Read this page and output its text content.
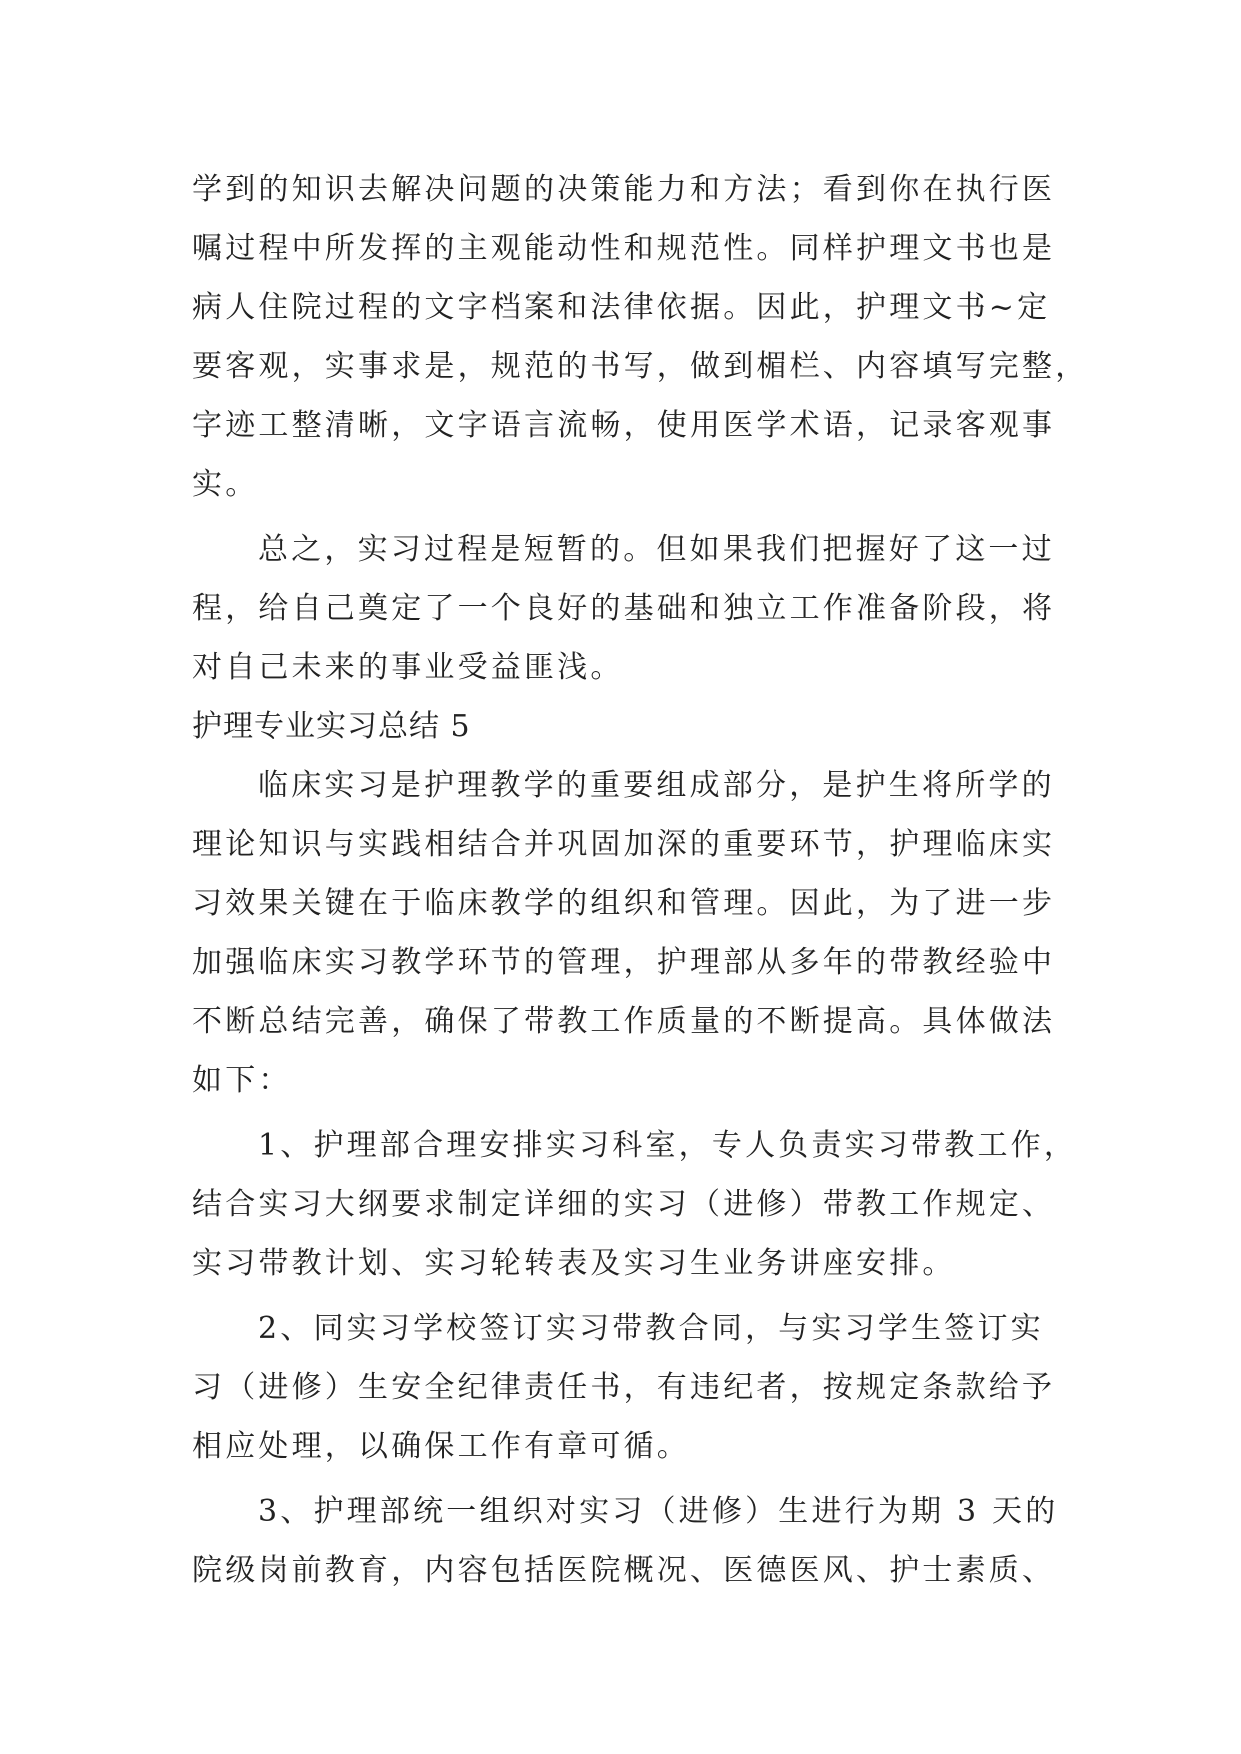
学到的知识去解决问题的决策能力和方法；看到你在执行医
嘱过程中所发挥的主观能动性和规范性。同样护理文书也是
病人住院过程的文字档案和法律依据。因此，护理文书~定
要客观，实事求是，规范的书写，做到楣栏、内容填写完整，
字迹工整清晰，文字语言流畅，使用医学术语，记录客观事
实。
总之，实习过程是短暂的。但如果我们把握好了这一过
程，给自己奠定了一个良好的基础和独立工作准备阶段，将
对自己未来的事业受益匪浅。
护理专业实习总结 5
临床实习是护理教学的重要组成部分，是护生将所学的
理论知识与实践相结合并巩固加深的重要环节，护理临床实
习效果关键在于临床教学的组织和管理。因此，为了进一步
加强临床实习教学环节的管理，护理部从多年的带教经验中
不断总结完善，确保了带教工作质量的不断提高。具体做法
如下：
1、护理部合理安排实习科室，专人负责实习带教工作，
结合实习大纲要求制定详细的实习（进修）带教工作规定、
实习带教计划、实习轮转表及实习生业务讲座安排。
2、同实习学校签订实习带教合同，与实习学生签订实
习（进修）生安全纪律责任书，有违纪者，按规定条款给予
相应处理，以确保工作有章可循。
3、护理部统一组织对实习（进修）生进行为期 3 天的
院级岗前教育，内容包括医院概况、医德医风、护士素质、
